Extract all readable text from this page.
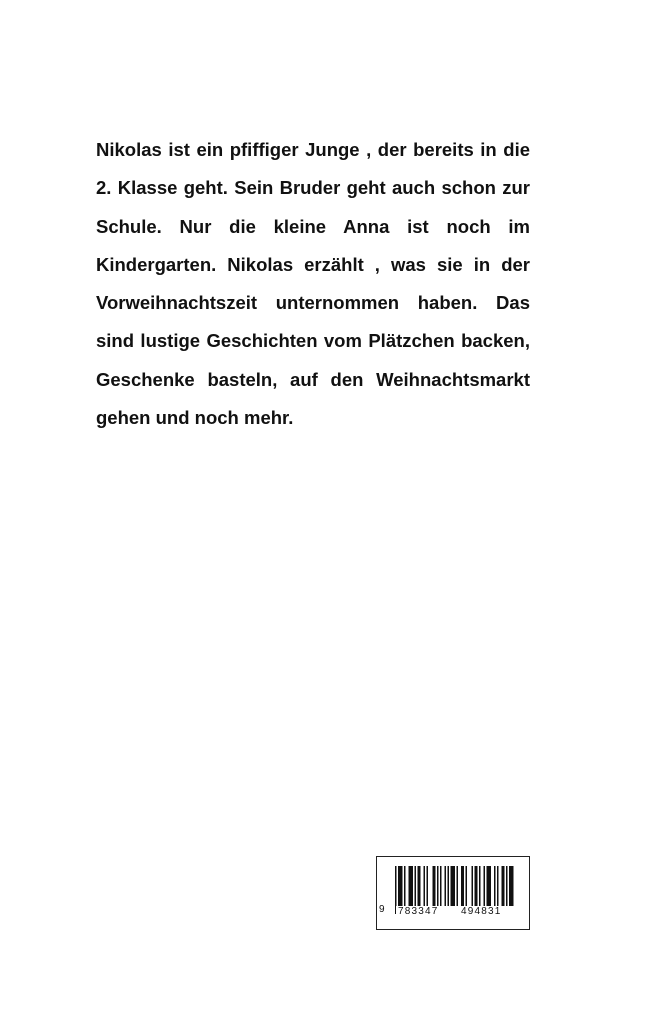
Nikolas ist ein pfiffiger Junge , der bereits in die
2. Klasse geht. Sein Bruder geht auch schon zur
Schule. Nur die kleine Anna ist noch im
Kindergarten. Nikolas erzählt , was sie in der
Vorweihnachtszeit unternommen haben. Das
sind lustige Geschichten vom Plätzchen backen,
Geschenke basteln, auf den Weihnachtsmarkt
gehen und noch mehr.
9 783347 494831
